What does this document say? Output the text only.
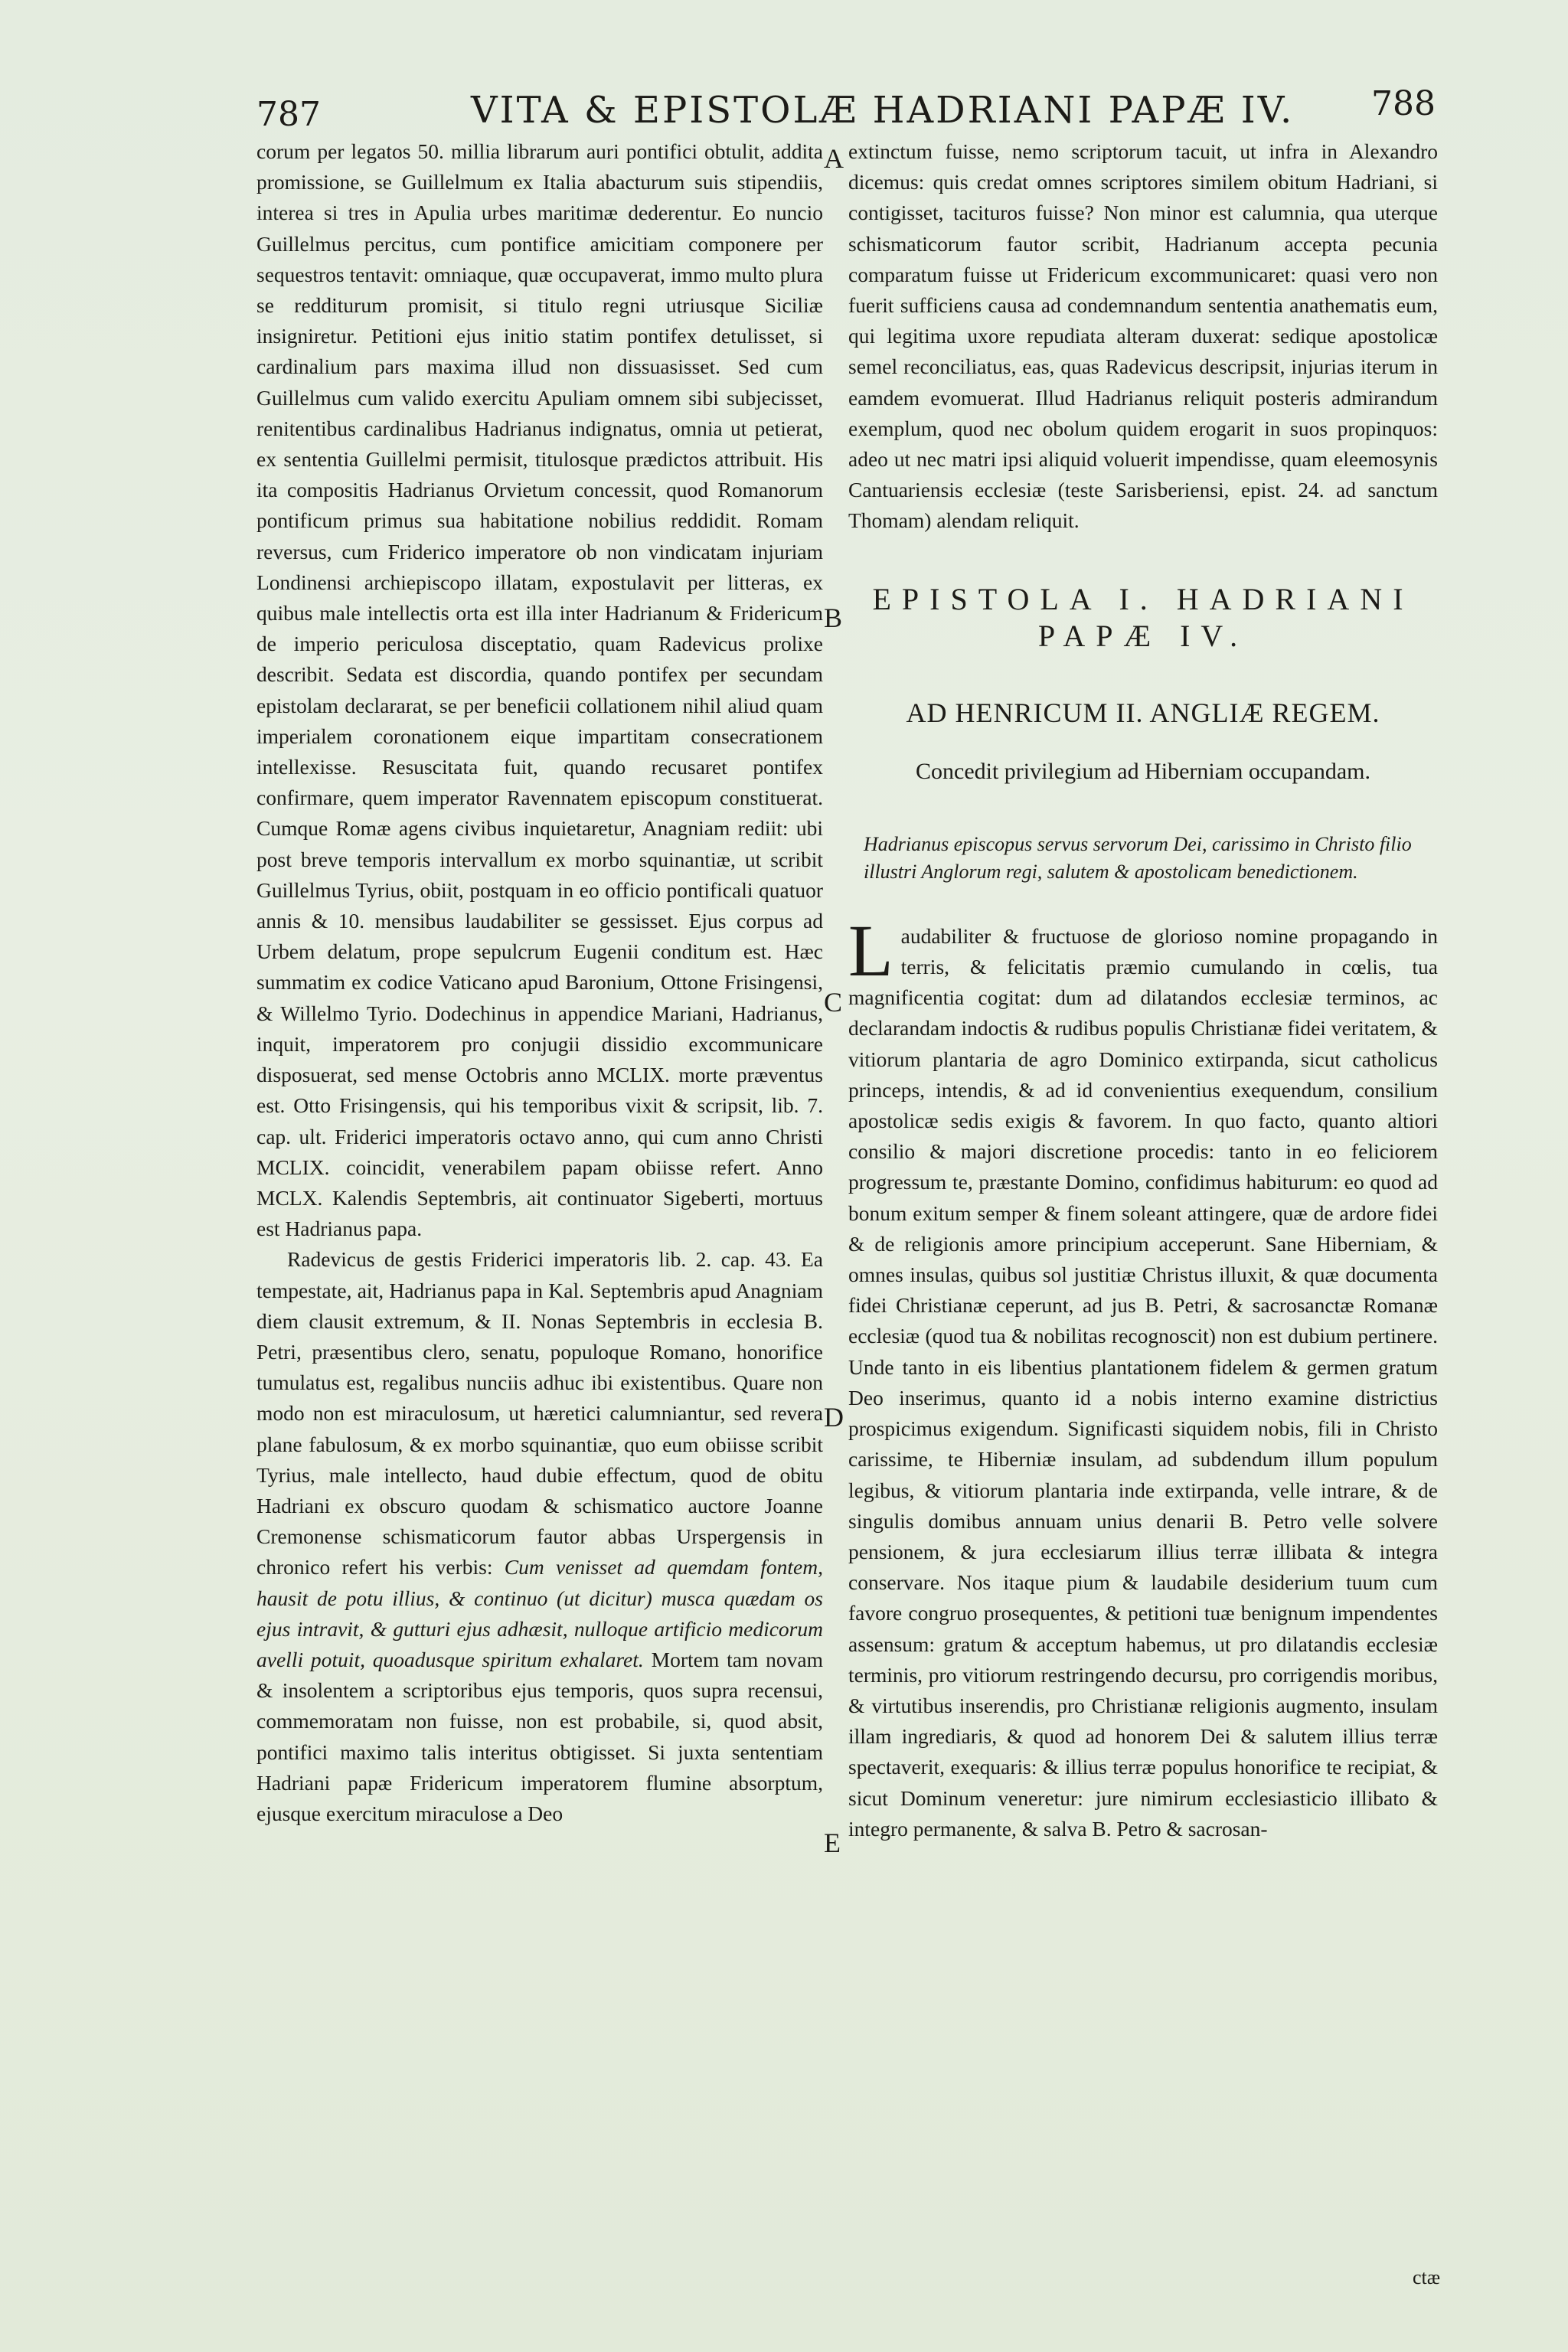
787	VITA & EPISTOLÆ HADRIANI PAPÆ IV. 788

corum per legatos 50. millia librarum auri pontifici obtulit, addita promissione, se Guillelmum ex Italia abacturum suis stipendiis, interea si tres in Apulia urbes maritimæ dederentur. Eo nuncio Guillelmus percitus, cum pontifice amicitiam componere per sequestros tentavit: omniaque, quæ occupaverat, immo multo plura se redditurum promisit, si titulo regni utriusque Siciliæ insigniretur. Petitioni ejus initio statim pontifex detulisset, si cardinalium pars maxima illud non dissuasisset. Sed cum Guillelmus cum valido exercitu Apuliam omnem sibi subjecisset, renitentibus cardinalibus Hadrianus indignatus, omnia ut petierat, ex sententia Guillelmi permisit, titulosque prædictos attribuit. His ita compositis Hadrianus Orvietum concessit, quod Romanorum pontificum primus sua habitatione nobilius reddidit. Romam reversus, cum Friderico imperatore ob non vindicatam injuriam Londinensi archiepiscopo illatam, expostulavit per litteras, ex quibus male intellectis orta est illa inter Hadrianum & Fridericum de imperio periculosa disceptatio, quam Radevicus prolixe describit. Sedata est discordia, quando pontifex per secundam epistolam declararat, se per beneficii collationem nihil aliud quam imperialem coronationem eique impartitam consecrationem intellexisse. Resuscitata fuit, quando recusaret pontifex confirmare, quem imperator Ravennatem episcopum constituerat. Cumque Romæ agens civibus inquietaretur, Anagniam rediit: ubi post breve temporis intervallum ex morbo squinantiæ, ut scribit Guillelmus Tyrius, obiit, postquam in eo officio pontificali quatuor annis & 10. mensibus laudabiliter se gessisset. Ejus corpus ad Urbem delatum, prope sepulcrum Eugenii conditum est. Hæc summatim ex codice Vaticano apud Baronium, Ottone Frisingensi, & Willelmo Tyrio. Dodechinus in appendice Mariani, Hadrianus, inquit, imperatorem pro conjugii dissidio excommunicare disposuerat, sed mense Octobris anno MCLIX. morte præventus est. Otto Frisingensis, qui his temporibus vixit & scripsit, lib. 7. cap. ult. Friderici imperatoris octavo anno, qui cum anno Christi MCLIX. coincidit, venerabilem papam obiisse refert. Anno MCLX. Kalendis Septembris, ait continuator Sigeberti, mortuus est Hadrianus papa.

Radevicus de gestis Friderici imperatoris lib. 2. cap. 43. Ea tempestate, ait, Hadrianus papa in Kal. Septembris apud Anagniam diem clausit extremum, & II. Nonas Septembris in ecclesia B. Petri, præsentibus clero, senatu, populoque Romano, honorifice tumulatus est, regalibus nunciis adhuc ibi existentibus. Quare non modo non est miraculosum, ut hæretici calumniantur, sed revera plane fabulosum, & ex morbo squinantiæ, quo eum obiisse scribit Tyrius, male intellecto, haud dubie effectum, quod de obitu Hadriani ex obscuro quodam & schismatico auctore Joanne Cremonense schismaticorum fautor abbas Urspergensis in chronico refert his verbis: Cum venisset ad quemdam fontem, hausit de potu illius, & continuo (ut dicitur) musca quædam os ejus intravit, & gutturi ejus adhæsit, nulloque artificio medicorum avelli potuit, quoadusque spiritum exhalaret. Mortem tam novam & insolentem a scriptoribus ejus temporis, quos supra recensui, commemoratam non fuisse, non est probabile, si, quod absit, pontifici maximo talis interitus obtigisset. Si juxta sententiam Hadriani papæ Fridericum imperatorem flumine absorptum, ejusque exercitum miraculose a Deo

A
B
C
D
E

extinctum fuisse, nemo scriptorum tacuit, ut infra in Alexandro dicemus: quis credat omnes scriptores similem obitum Hadriani, si contigisset, tacituros fuisse? Non minor est calumnia, qua uterque schismaticorum fautor scribit, Hadrianum accepta pecunia comparatum fuisse ut Fridericum excommunicaret: quasi vero non fuerit sufficiens causa ad condemnandum sententia anathematis eum, qui legitima uxore repudiata alteram duxerat: sedique apostolicæ semel reconciliatus, eas, quas Radevicus descripsit, injurias iterum in eamdem evomuerat. Illud Hadrianus reliquit posteris admirandum exemplum, quod nec obolum quidem erogarit in suos propinquos: adeo ut nec matri ipsi aliquid voluerit impendisse, quam eleemosynis Cantuariensis ecclesiæ (teste Sarisberiensi, epist. 24. ad sanctum Thomam) alendam reliquit.

EPISTOLA I. HADRIANI
PAPÆ IV.
AD HENRICUM II. ANGLIÆ REGEM.
Concedit privilegium ad Hiberniam occupandam.
Hadrianus episcopus servus servorum Dei, carissimo in Christo filio illustri Anglorum regi, salutem & apostolicam benedictionem.
L audabiliter & fructuose de glorioso nomine propagando in terris, & felicitatis præmio cumulando in cœlis, tua magnificentia cogitat: dum ad dilatandos ecclesiæ terminos, ac declarandam indoctis & rudibus populis Christianæ fidei veritatem, & vitiorum plantaria de agro Dominico extirpanda, sicut catholicus princeps, intendis, & ad id convenientius exequendum, consilium apostolicæ sedis exigis & favorem. In quo facto, quanto altiori consilio & majori discretione procedis: tanto in eo feliciorem progressum te, præstante Domino, confidimus habiturum: eo quod ad bonum exitum semper & finem soleant attingere, quæ de ardore fidei & de religionis amore principium acceperunt. Sane Hiberniam, & omnes insulas, quibus sol justitiæ Christus illuxit, & quæ documenta fidei Christianæ ceperunt, ad jus B. Petri, & sacrosanctæ Romanæ ecclesiæ (quod tua & nobilitas recognoscit) non est dubium pertinere. Unde tanto in eis libentius plantationem fidelem & germen gratum Deo inserimus, quanto id a nobis interno examine districtius prospicimus exigendum. Significasti siquidem nobis, fili in Christo carissime, te Hiberniæ insulam, ad subdendum illum populum legibus, & vitiorum plantaria inde extirpanda, velle intrare, & de singulis domibus annuam unius denarii B. Petro velle solvere pensionem, & jura ecclesiarum illius terræ illibata & integra conservare. Nos itaque pium & laudabile desiderium tuum cum favore congruo prosequentes, & petitioni tuæ benignum impendentes assensum: gratum & acceptum habemus, ut pro dilatandis ecclesiæ terminis, pro vitiorum restringendo decursu, pro corrigendis moribus, & virtutibus inserendis, pro Christianæ religionis augmento, insulam illam ingrediaris, & quod ad honorem Dei & salutem illius terræ spectaverit, exequaris: & illius terræ populus honorifice te recipiat, & sicut Dominum veneretur: jure nimirum ecclesiasticio illibato & integro permanente, & salva B. Petro & sacrosan-
ctæ
